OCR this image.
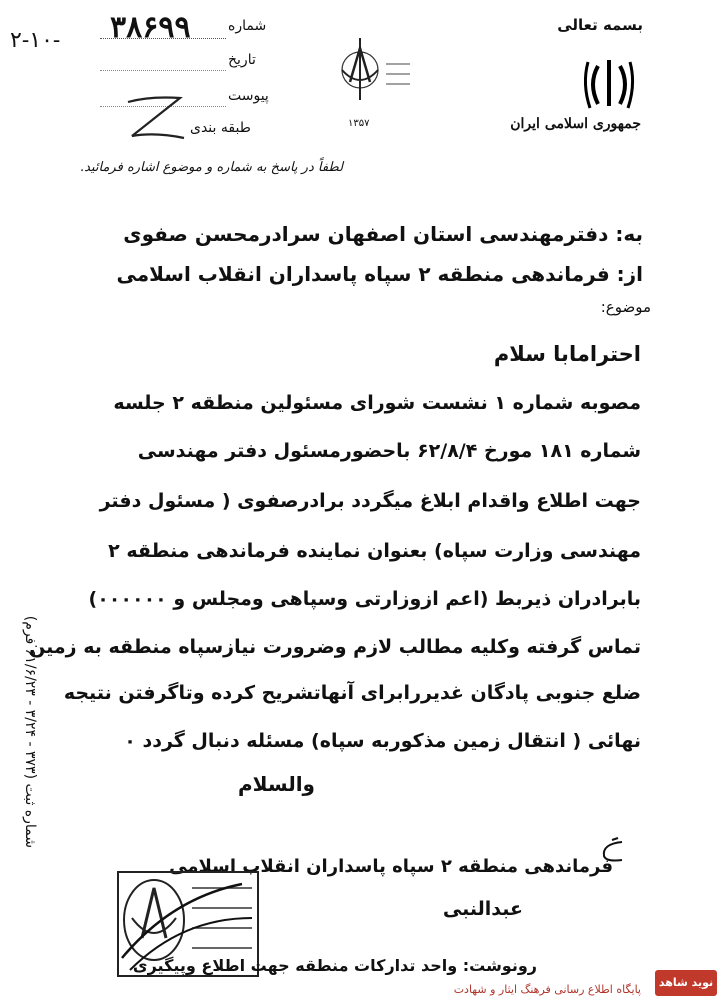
۲-۱۰- ۳۸۶۹۹	شماره
تاریخ
پیوست
طبقه بندی
لطفاً در پاسخ به شماره و موضوع اشاره فرمائید.
۱۳۵۷
بسمه تعالی
جمهوری اسلامی ایران
به: دفترمهندسی استان اصفهان سرادرمحسن صفوی
از: فرماندهی منطقه ۲ سپاه پاسداران انقلاب اسلامی
موضوع:
احترامابا سلام
مصوبه شماره ۱ نشست شورای مسئولین منطقه ۲ جلسه
شماره ۱۸۱ مورخ ۶۲/۸/۴ باحضورمسئول دفتر مهندسی
جهت اطلاع واقدام ابلاغ میگردد برادرصفوی ( مسئول دفتر
مهندسی وزارت سپاه) بعنوان نماینده فرماندهی منطقه ۲
بابرادران ذیربط (اعم ازوزارتی وسپاهی ومجلس و ۰۰۰۰۰۰)
تماس گرفته وکلیه مطالب لازم وضرورت نیازسپاه منطقه به زمین
ضلع جنوبی پادگان غدیررابرای آنهاتشریح کرده وتاگرفتن نتیجه
نهائی ( انتقال زمین مذکوربه سپاه) مسئله دنبال گردد ۰
والسلام
شماره ثبت (۳۷۳ - ۳/۲۴ - ۶۱/۶/۲۳ فرم)
فرماندهی منطقه ۲ سپاه پاسداران انقلاب اسلامی
عبدالنبی
رونوشت: واحد تدارکات منطقه جهت اطلاع وپیگیری
پایگاه اطلاع رسانی فرهنگ ایثار و شهادت
نوید شاهد
